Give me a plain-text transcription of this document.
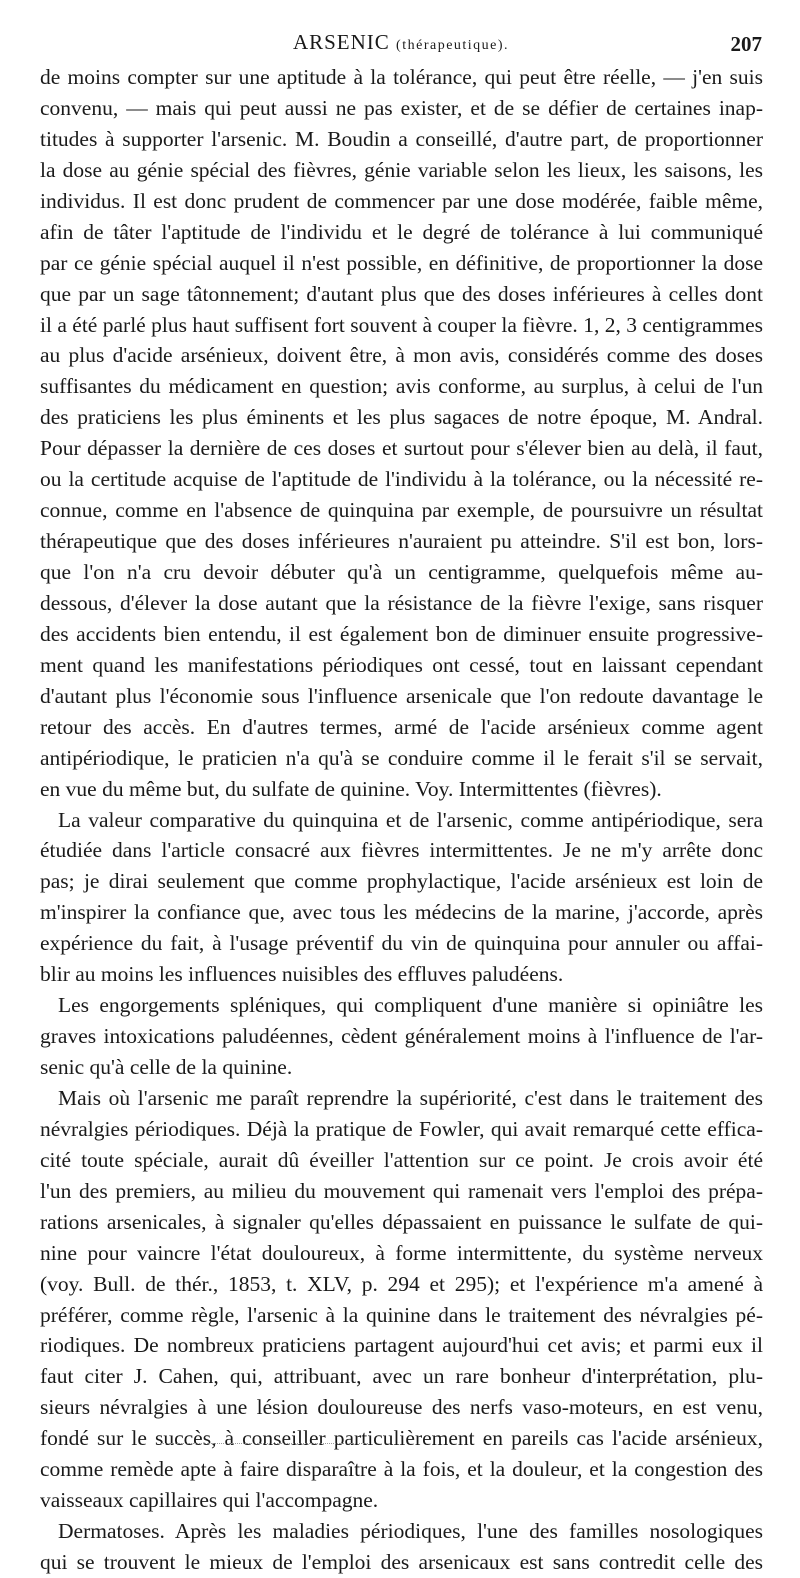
ARSENIC (thérapeutique).	207
de moins compter sur une aptitude à la tolérance, qui peut être réelle, — j'en suis
convenu, — mais qui peut aussi ne pas exister, et de se défier de certaines inap-
titudes à supporter l'arsenic. M. Boudin a conseillé, d'autre part, de proportionner
la dose au génie spécial des fièvres, génie variable selon les lieux, les saisons, les
individus. Il est donc prudent de commencer par une dose modérée, faible même,
afin de tâter l'aptitude de l'individu et le degré de tolérance à lui communiqué
par ce génie spécial auquel il n'est possible, en définitive, de proportionner la dose
que par un sage tâtonnement; d'autant plus que des doses inférieures à celles dont
il a été parlé plus haut suffisent fort souvent à couper la fièvre. 1, 2, 3 centigrammes
au plus d'acide arsénieux, doivent être, à mon avis, considérés comme des doses
suffisantes du médicament en question; avis conforme, au surplus, à celui de l'un
des praticiens les plus éminents et les plus sagaces de notre époque, M. Andral.
Pour dépasser la dernière de ces doses et surtout pour s'élever bien au delà, il faut,
ou la certitude acquise de l'aptitude de l'individu à la tolérance, ou la nécessité re-
connue, comme en l'absence de quinquina par exemple, de poursuivre un résultat
thérapeutique que des doses inférieures n'auraient pu atteindre. S'il est bon, lors-
que l'on n'a cru devoir débuter qu'à un centigramme, quelquefois même au-
dessous, d'élever la dose autant que la résistance de la fièvre l'exige, sans risquer
des accidents bien entendu, il est également bon de diminuer ensuite progressive-
ment quand les manifestations périodiques ont cessé, tout en laissant cependant
d'autant plus l'économie sous l'influence arsenicale que l'on redoute davantage le
retour des accès. En d'autres termes, armé de l'acide arsénieux comme agent
antipériodique, le praticien n'a qu'à se conduire comme il le ferait s'il se servait,
en vue du même but, du sulfate de quinine. Voy. Intermittentes (fièvres).
La valeur comparative du quinquina et de l'arsenic, comme antipériodique, sera
étudiée dans l'article consacré aux fièvres intermittentes. Je ne m'y arrête donc
pas; je dirai seulement que comme prophylactique, l'acide arsénieux est loin de
m'inspirer la confiance que, avec tous les médecins de la marine, j'accorde, après
expérience du fait, à l'usage préventif du vin de quinquina pour annuler ou affai-
blir au moins les influences nuisibles des effluves paludéens.
Les engorgements spléniques, qui compliquent d'une manière si opiniâtre les
graves intoxications paludéennes, cèdent généralement moins à l'influence de l'ar-
senic qu'à celle de la quinine.
Mais où l'arsenic me paraît reprendre la supériorité, c'est dans le traitement des
névralgies périodiques. Déjà la pratique de Fowler, qui avait remarqué cette effica-
cité toute spéciale, aurait dû éveiller l'attention sur ce point. Je crois avoir été
l'un des premiers, au milieu du mouvement qui ramenait vers l'emploi des prépa-
rations arsenicales, à signaler qu'elles dépassaient en puissance le sulfate de qui-
nine pour vaincre l'état douloureux, à forme intermittente, du système nerveux
(voy. Bull. de thér., 1853, t. XLV, p. 294 et 295); et l'expérience m'a amené à
préférer, comme règle, l'arsenic à la quinine dans le traitement des névralgies pé-
riodiques. De nombreux praticiens partagent aujourd'hui cet avis; et parmi eux il
faut citer J. Cahen, qui, attribuant, avec un rare bonheur d'interprétation, plu-
sieurs névralgies à une lésion douloureuse des nerfs vaso-moteurs, en est venu,
fondé sur le succès, à conseiller particulièrement en pareils cas l'acide arsénieux,
comme remède apte à faire disparaître à la fois, et la douleur, et la congestion des
vaisseaux capillaires qui l'accompagne.
Dermatoses. Après les maladies périodiques, l'une des familles nosologiques
qui se trouvent le mieux de l'emploi des arsenicaux est sans contredit celle des
